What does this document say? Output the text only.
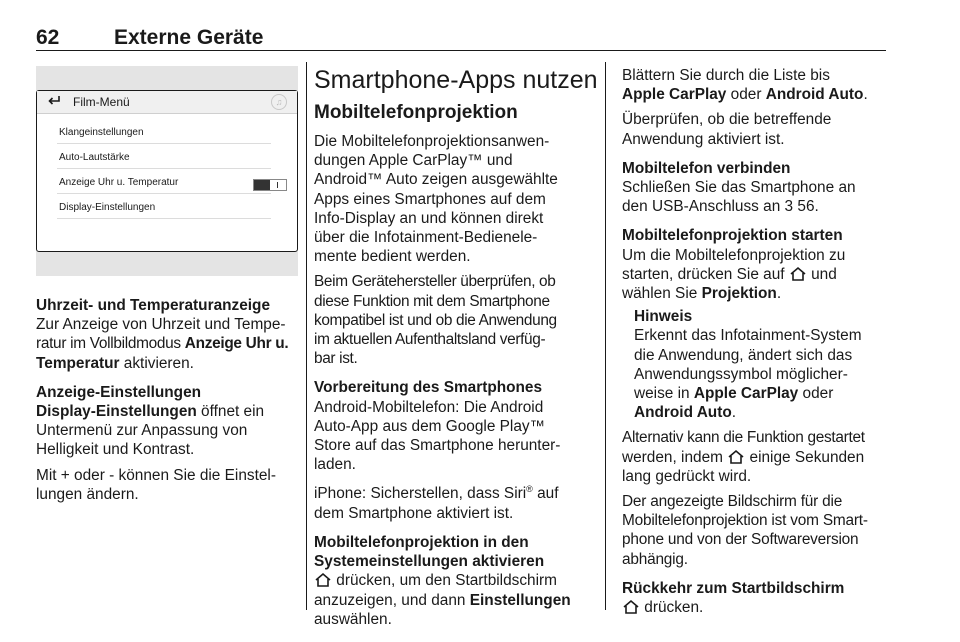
62	Externe Geräte
Film-Menü	♫
Klangeinstellungen
Auto-Lautstärke
Anzeige Uhr u. Temperatur
Display-Einstellungen

Uhrzeit- und Temperaturanzeige

Zur Anzeige von Uhrzeit und Tempe-

ratur im Vollbildmodus Anzeige Uhr u.

Temperatur aktivieren.

Anzeige-Einstellungen

Display-Einstellungen öffnet ein

Untermenü zur Anpassung von

Helligkeit und Kontrast.

Mit + oder - können Sie die Einstel-

lungen ändern.

Smartphone-Apps nutzen
Mobiltelefonprojektion

Die Mobiltelefonprojektionsanwen-

dungen Apple CarPlay™ und

Android™ Auto zeigen ausgewählte

Apps eines Smartphones auf dem

Info-Display an und können direkt

über die Infotainment-Bedienele-

mente bedient werden.

Beim Gerätehersteller überprüfen, ob

diese Funktion mit dem Smartphone

kompatibel ist und ob die Anwendung

im aktuellen Aufenthaltsland verfüg-

bar ist.

Vorbereitung des Smartphones

Android-Mobiltelefon: Die Android

Auto-App aus dem Google Play™

Store auf das Smartphone herunter-

laden.

iPhone: Sicherstellen, dass Siri® auf

dem Smartphone aktiviert ist.

Mobiltelefonprojektion in den

Systemeinstellungen aktivieren

drücken, um den Startbildschirm

anzuzeigen, und dann Einstellungen

auswählen.

Blättern Sie durch die Liste bis

Apple CarPlay oder Android Auto.

Überprüfen, ob die betreffende

Anwendung aktiviert ist.

Mobiltelefon verbinden

Schließen Sie das Smartphone an

den USB-Anschluss an 3 56.

Mobiltelefonprojektion starten

Um die Mobiltelefonprojektion zu

starten, drücken Sie auf  und

wählen Sie Projektion.

Hinweis

Erkennt das Infotainment-System

die Anwendung, ändert sich das

Anwendungssymbol möglicher-

weise in Apple CarPlay oder

Android Auto.

Alternativ kann die Funktion gestartet

werden, indem  einige Sekunden

lang gedrückt wird.

Der angezeigte Bildschirm für die

Mobiltelefonprojektion ist vom Smart-

phone und von der Softwareversion

abhängig.

Rückkehr zum Startbildschirm

drücken.
